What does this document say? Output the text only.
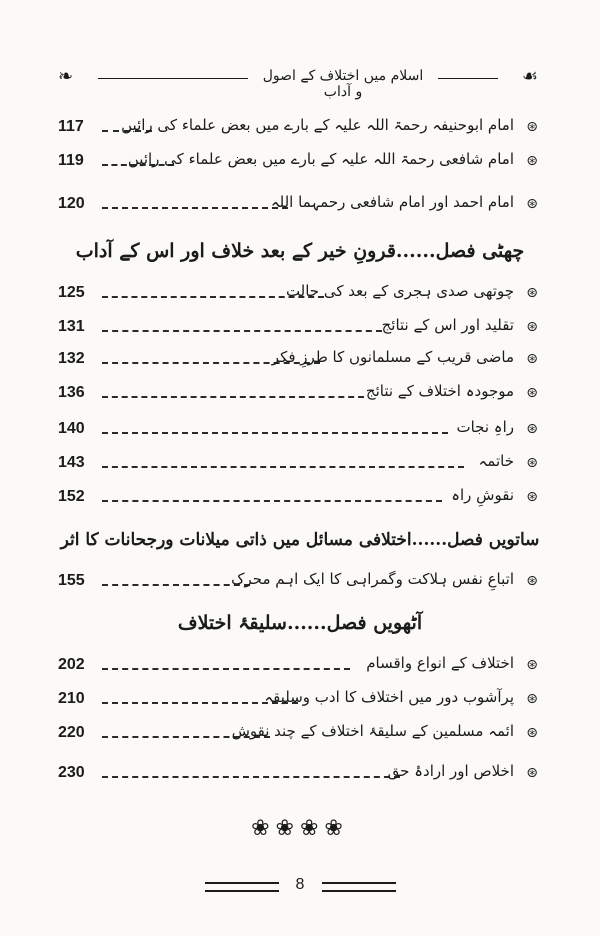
❧	اسلام میں اختلاف کے اصول و آداب
☙
117	امام ابوحنیفہ رحمۃ اللہ علیہ کے بارے میں بعض علماء کی رائیں ⊛
119	امام شافعی رحمۃ اللہ علیہ کے بارے میں بعض علماء کی رائیں ⊛
120	امام احمد اور امام شافعی رحمہما اللہ ⊛
چھٹی فصل......قرونِ خیر کے بعد خلاف اور اس کے آداب
125	چوتھی صدی ہجری کے بعد کی حالت ⊛
131	تقلید اور اس کے نتائج ⊛
132	ماضی قریب کے مسلمانوں کا طرزِ فکر ⊛
136	موجودہ اختلاف کے نتائج ⊛
140	راہِ نجات ⊛
143	خاتمہ ⊛
152	نقوشِ راہ ⊛
ساتویں فصل......اختلافی مسائل میں ذاتی میلانات ورجحانات کا اثر
155	اتباعِ نفس ہلاکت وگمراہی کا ایک اہم محرک ⊛
آٹھویں فصل......سلیقۂ اختلاف
202	اختلاف کے انواع واقسام ⊛
210	پرآشوب دور میں اختلاف کا ادب وسلیقہ ⊛
220	ائمہ مسلمین کے سلیقۂ اختلاف کے چند نقوش ⊛
230	اخلاص اور ارادۂ حق ⊛
❀❀❀❀
8
